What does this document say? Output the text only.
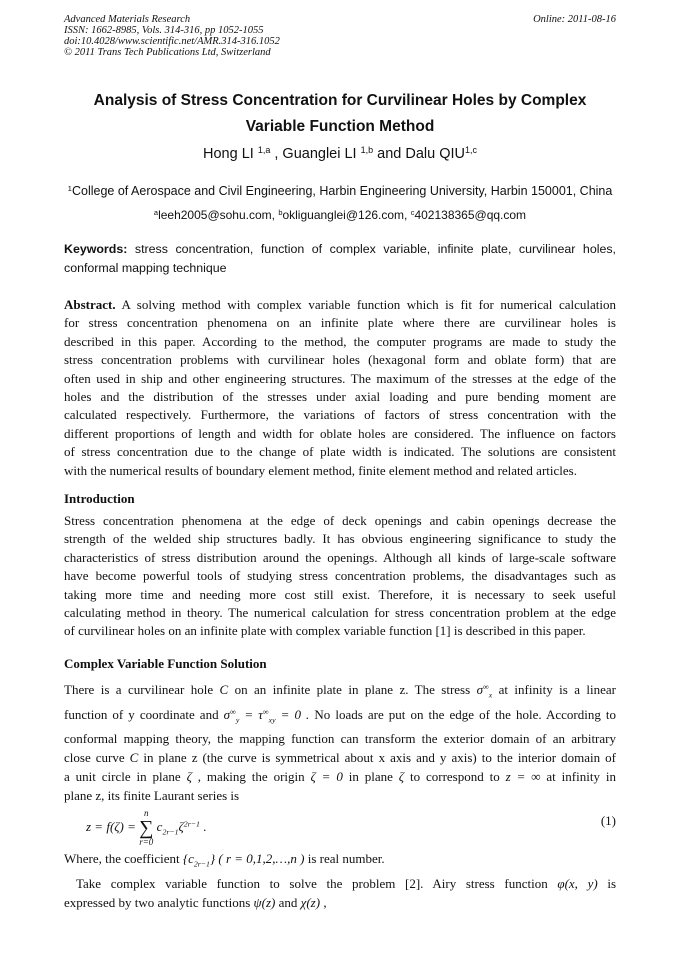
Advanced Materials Research
ISSN: 1662-8985, Vols. 314-316, pp 1052-1055
doi:10.4028/www.scientific.net/AMR.314-316.1052
© 2011 Trans Tech Publications Ltd, Switzerland
Online: 2011-08-16
Analysis of Stress Concentration for Curvilinear Holes by Complex
Variable Function Method
Hong LI $^{1,a}$ , Guanglei LI $^{1,b}$ and Dalu QIU$^{1,c}$
$^1$College of Aerospace and Civil Engineering, Harbin Engineering University, Harbin 150001, China
$^a$leeh2005@sohu.com, $^b$okliguanglei@126.com, $^c$402138365@qq.com
Keywords: stress concentration, function of complex variable, infinite plate, curvilinear holes,
conformal mapping technique
Abstract. A solving method with complex variable function which is fit for numerical calculation
for stress concentration phenomena on an infinite plate where there are curvilinear holes is
described in this paper. According to the method, the computer programs are made to study the
stress concentration problems with curvilinear holes (hexagonal form and oblate form) that are
often used in ship and other engineering structures. The maximum of the stresses at the edge of the
holes and the distribution of the stresses under axial loading and pure bending moment are
calculated respectively. Furthermore, the variations of factors of stress concentration with the
different proportions of length and width for oblate holes are considered. The influence on factors
of stress concentration due to the change of plate width is indicated. The solutions are consistent
with the numerical results of boundary element method, finite element method and related articles.
Introduction
Stress concentration phenomena at the edge of deck openings and cabin openings decrease the
strength of the welded ship structures badly. It has obvious engineering significance to study the
characteristics of stress distribution around the openings. Although all kinds of large-scale software
have become powerful tools of studying stress concentration problems, the disadvantages such as
taking more time and needing more cost still exist. Therefore, it is necessary to seek useful
calculating method in theory. The numerical calculation for stress concentration problem at the edge
of curvilinear holes on an infinite plate with complex variable function [1] is described in this paper.
Complex Variable Function Solution
There is a curvilinear hole C on an infinite plate in plane z. The stress $\sigma^\infty_x$ at infinity is a linear
function of y coordinate and $\sigma^\infty_y = \tau^\infty_{xy} = 0$ . No loads are put on the edge of the hole. According to
conformal mapping theory, the mapping function can transform the exterior domain of an arbitrary
close curve C in plane z (the curve is symmetrical about x axis and y axis) to the interior domain of
a unit circle in plane ζ , making the origin ζ = 0 in plane ζ to correspond to z = ∞ at infinity in
plane z, its finite Laurant series is
z = f(ζ) =
n
∑
r=0
$c_{2r-1}\zeta^{2r-1}$ .	(1)
Where, the coefficient $\{c_{2r-1}\}$ ( r = 0,1,2,…,n ) is real number.
Take complex variable function to solve the problem [2]. Airy stress function φ(x, y) is
expressed by two analytic functions ψ(z) and χ(z) ,
